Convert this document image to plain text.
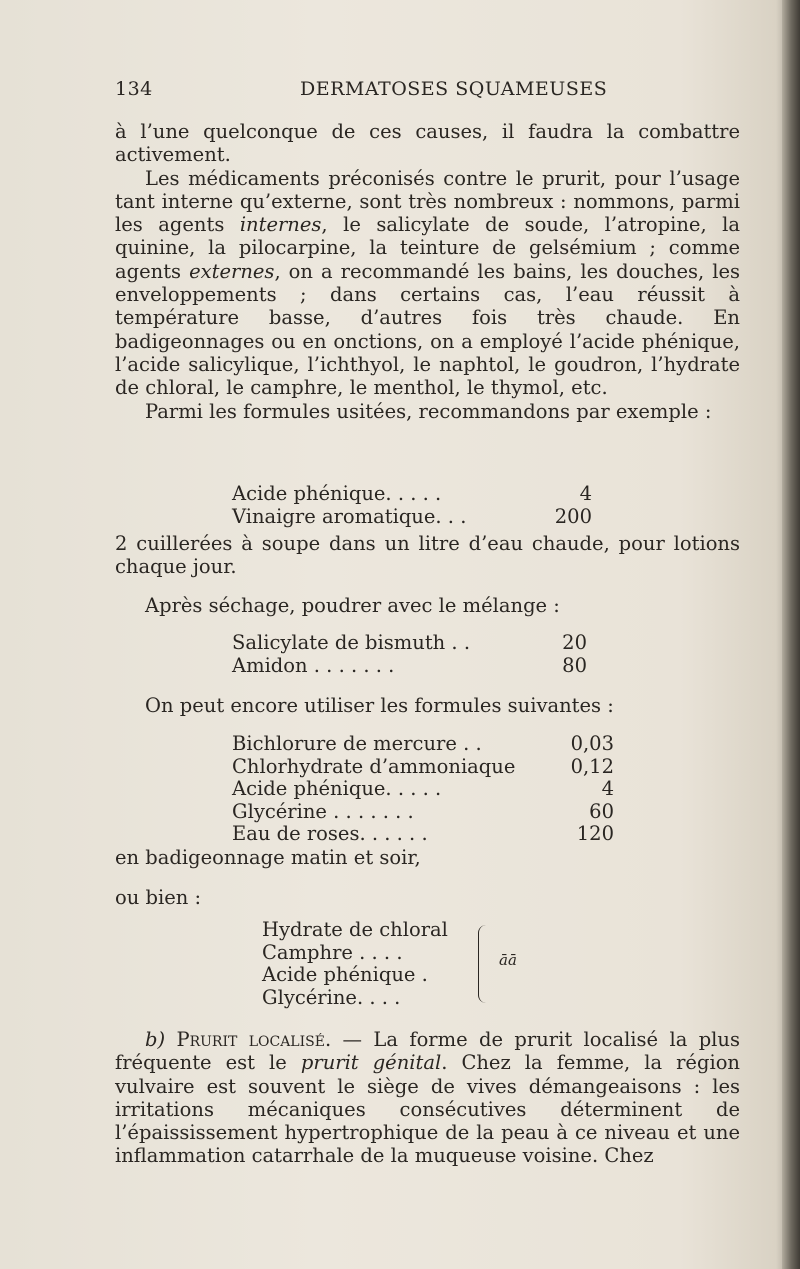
134	DERMATOSES SQUAMEUSES

à l’une quelconque de ces causes, il faudra la combattre activement.

Les médicaments préconisés contre le prurit, pour l’usage tant interne qu’externe, sont très nombreux : nommons, parmi les agents internes, le salicylate de soude, l’atropine, la quinine, la pilocarpine, la teinture de gelsémium ; comme agents externes, on a recommandé les bains, les douches, les enveloppements ; dans certains cas, l’eau réussit à température basse, d’autres fois très chaude. En badigeonnages ou en onctions, on a employé l’acide phénique, l’acide salicylique, l’ichthyol, le naphtol, le goudron, l’hydrate de chloral, le camphre, le menthol, le thymol, etc.

Parmi les formules usitées, recommandons par exemple :

Acide phénique. . . . .	4
Vinaigre aromatique. . .	200

2 cuillerées à soupe dans un litre d’eau chaude, pour lotions chaque jour.

Après séchage, poudrer avec le mélange :

Salicylate de bismuth . .	20
Amidon . . . . . . .	80

On peut encore utiliser les formules suivantes :

Bichlorure de mercure . .	0,03
Chlorhydrate d’ammoniaque	0,12
Acide phénique. . . . .	4
Glycérine . . . . . . .	60
Eau de roses. . . . . .	120

en badigeonnage matin et soir,

ou bien :

Hydrate de chloral
Camphre . . . .
Acide phénique .
Glycérine. . . .
āā

b) Prurit localisé. — La forme de prurit localisé la plus fréquente est le prurit génital. Chez la femme, la région vulvaire est souvent le siège de vives démangeaisons : les irritations mécaniques consécutives déterminent de l’épaississement hypertrophique de la peau à ce niveau et une inflammation catarrhale de la muqueuse voisine. Chez
